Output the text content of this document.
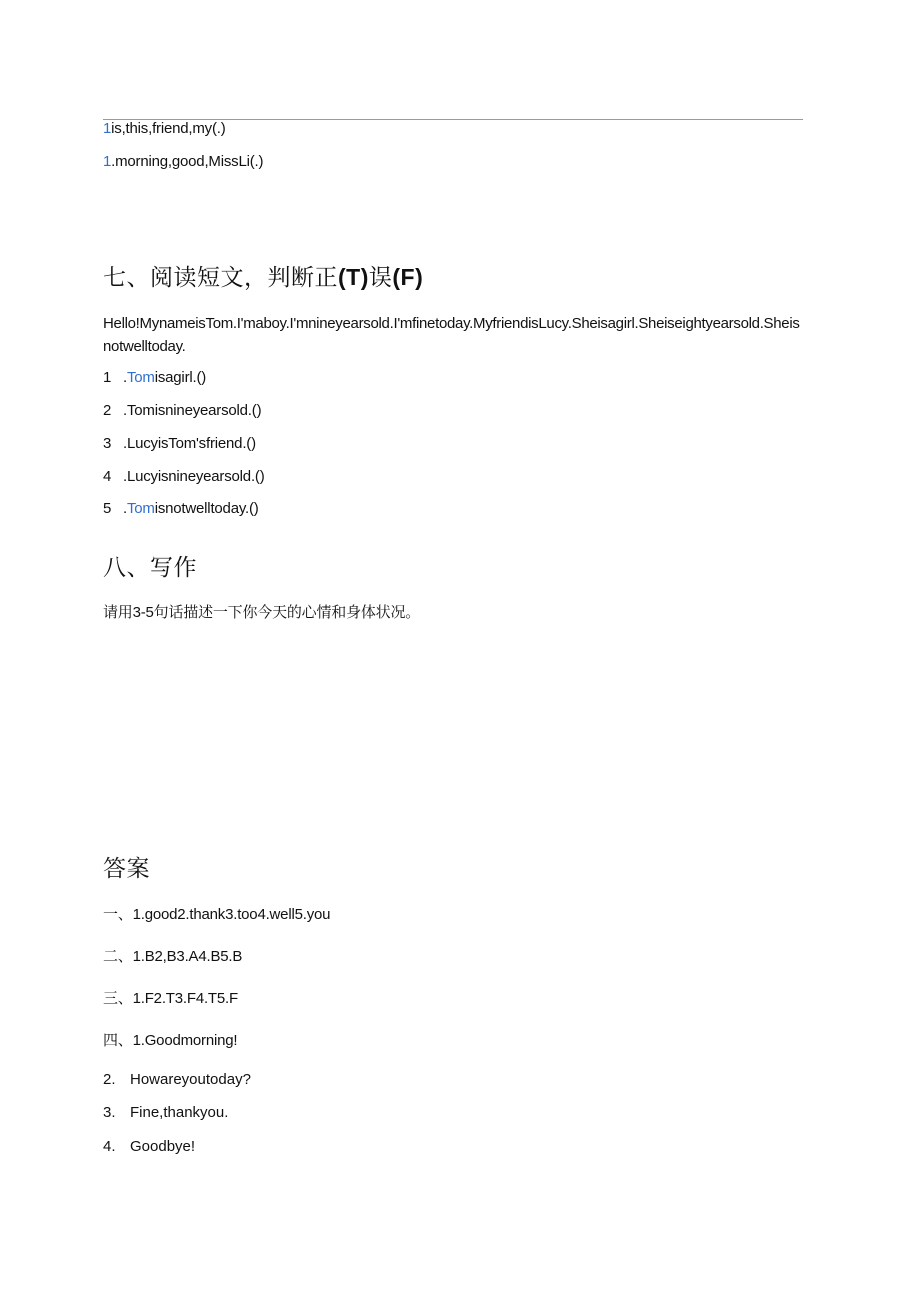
1is,this,friend,my(.)
1.morning,good,MissLi(.)
七、阅读短文，判断正(T)误(F)
Hello!MynameisTom.I'maboy.I'mnineyearsold.I'mfinetoday.MyfriendisLucy.Sheisagirl.Sheiseightyearsold.Sheisnotwelltoday.
1.Tomisagirl.()
2.Tomisnineyearsold.()
3.LucyisTom'sfriend.()
4.Lucyisnineyearsold.()
5.Tomisnotwelltoday.()
八、写作
请用3-5句话描述一下你今天的心情和身体状况。
答案
一、1.good2.thank3.too4.well5.you
二、1.B2,B3.A4.B5.B
三、1.F2.T3.F4.T5.F
四、1.Goodmorning!
2. Howareyoutoday?
3. Fine,thankyou.
4. Goodbye!
